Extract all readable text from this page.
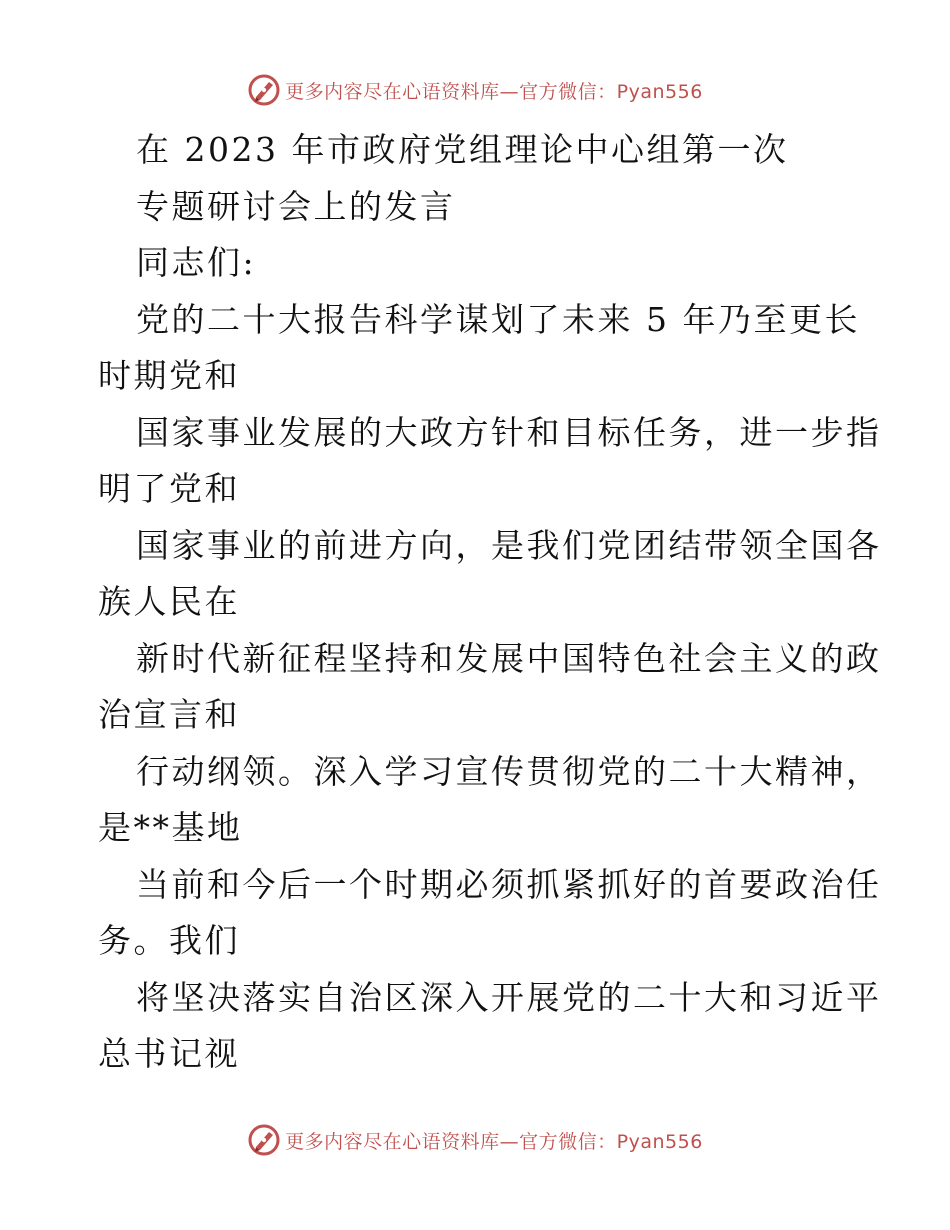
更多内容尽在心语资料库—官方微信：Pyan556
在 2023 年市政府党组理论中心组第一次
专题研讨会上的发言
同志们:
党的二十大报告科学谋划了未来 5 年乃至更长
时期党和
国家事业发展的大政方针和目标任务，进一步指
明了党和
国家事业的前进方向，是我们党团结带领全国各
族人民在
新时代新征程坚持和发展中国特色社会主义的政
治宣言和
行动纲领。深入学习宣传贯彻党的二十大精神，
是**基地
当前和今后一个时期必须抓紧抓好的首要政治任
务。我们
将坚决落实自治区深入开展党的二十大和习近平
总书记视
更多内容尽在心语资料库—官方微信：Pyan556
